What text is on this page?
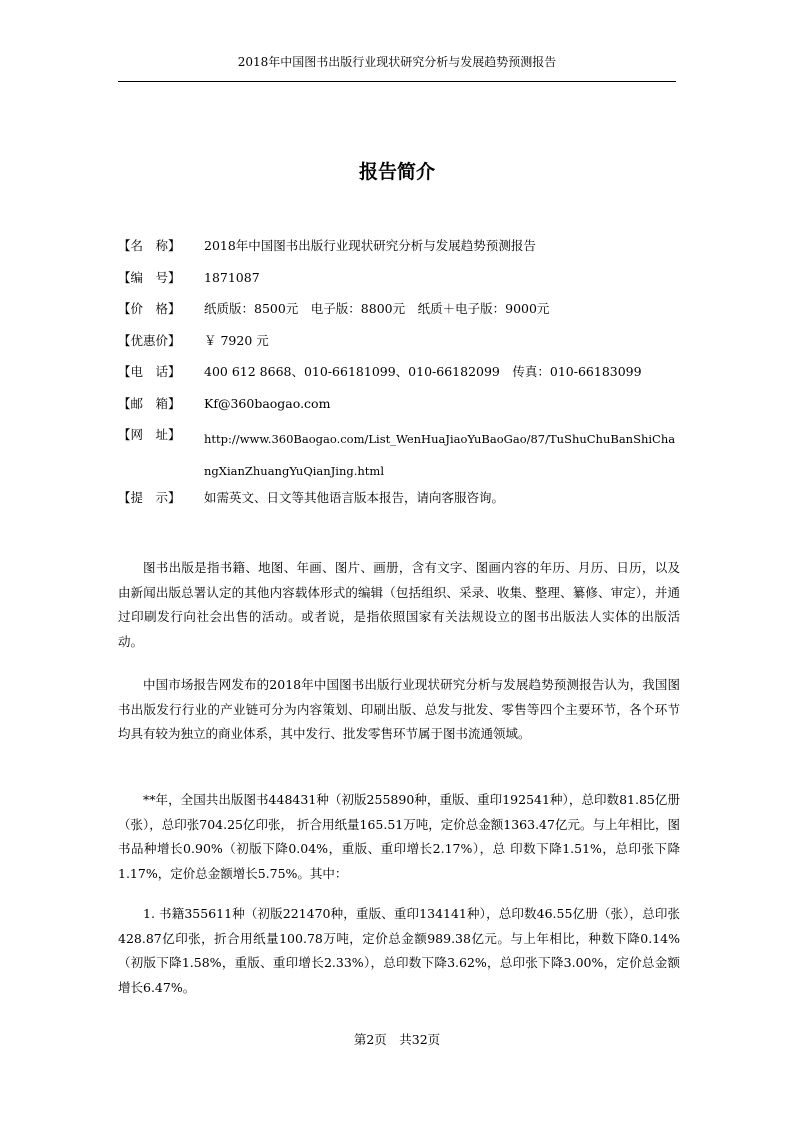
2018年中国图书出版行业现状研究分析与发展趋势预测报告
报告简介
【名　称】	2018年中国图书出版行业现状研究分析与发展趋势预测报告
【编　号】	1871087
【价　格】	纸质版：8500元　电子版：8800元　纸质＋电子版：9000元
【优惠价】	￥ 7920 元
【电　话】	400 612 8668、010-66181099、010-66182099　传真：010-66183099
【邮　箱】	Kf@360baogao.com
【网　址】	http://www.360Baogao.com/List_WenHuaJiaoYuBaoGao/87/TuShuChuBanShiChangXianZhuangYuQianJing.html
【提　示】	如需英文、日文等其他语言版本报告，请向客服咨询。

图书出版是指书籍、地图、年画、图片、画册，含有文字、图画内容的年历、月历、日历，以及由新闻出版总署认定的其他内容载体形式的编辑（包括组织、采录、收集、整理、纂修、审定），并通过印刷发行向社会出售的活动。或者说，是指依照国家有关法规设立的图书出版法人实体的出版活动。

中国市场报告网发布的2018年中国图书出版行业现状研究分析与发展趋势预测报告认为，我国图书出版发行行业的产业链可分为内容策划、印刷出版、总发与批发、零售等四个主要环节，各个环节均具有较为独立的商业体系，其中发行、批发零售环节属于图书流通领域。

**年，全国共出版图书448431种（初版255890种，重版、重印192541种），总印数81.85亿册（张），总印张704.25亿印张， 折合用纸量165.51万吨，定价总金额1363.47亿元。与上年相比，图书品种增长0.90%（初版下降0.04%，重版、重印增长2.17%），总 印数下降1.51%，总印张下降1.17%，定价总金额增长5.75%。其中：

1. 书籍355611种（初版221470种，重版、重印134141种），总印数46.55亿册（张），总印张428.87亿印张，折合用纸量100.78万吨，定价总金额989.38亿元。与上年相比，种数下降0.14%（初版下降1.58%，重版、重印增长2.33%），总印数下降3.62%，总印张下降3.00%，定价总金额增长6.47%。

第2页　共32页
